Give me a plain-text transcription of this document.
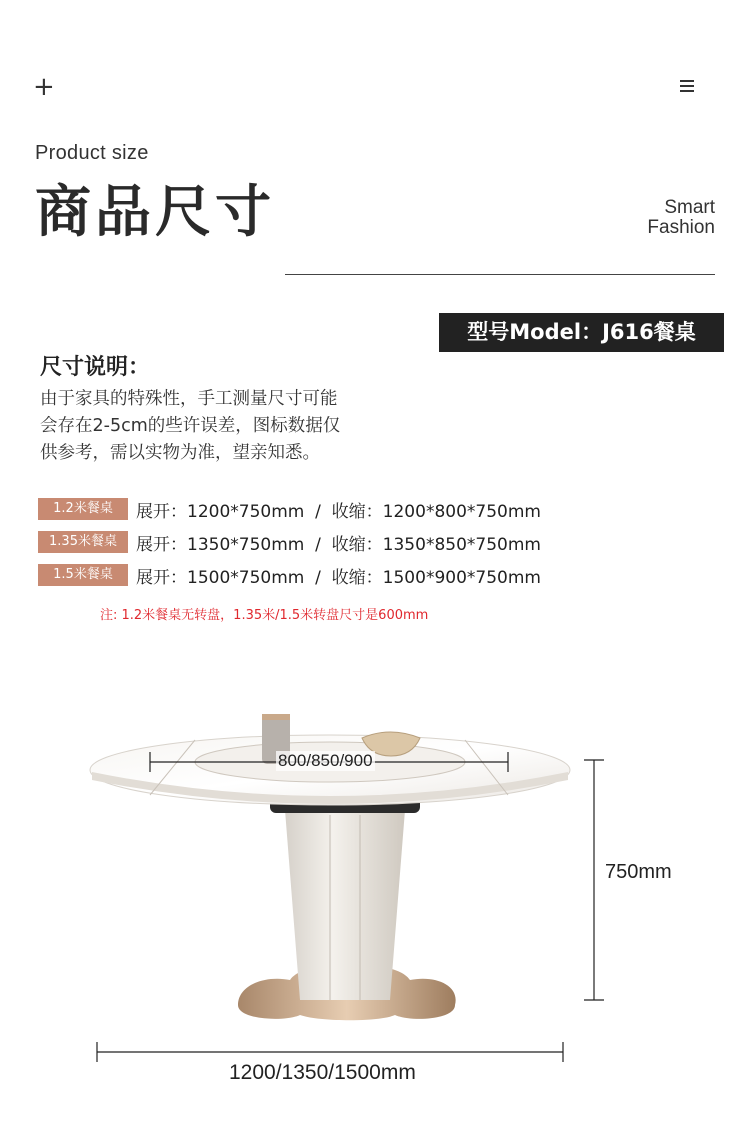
+
Product size
商品尺寸	Smart
Fashion
型号Model：J616餐桌
尺寸说明：
由于家具的特殊性，手工测量尺寸可能
会存在2-5cm的些许误差，图标数据仅
供参考，需以实物为准，望亲知悉。
1.2米餐桌	展开：1200*750mm  /  收缩：1200*800*750mm
1.35米餐桌	展开：1350*750mm  /  收缩：1350*850*750mm
1.5米餐桌	展开：1500*750mm  /  收缩：1500*900*750mm
注: 1.2米餐桌无转盘，1.35米/1.5米转盘尺寸是600mm
800/850/900
750mm
1200/1350/1500mm
